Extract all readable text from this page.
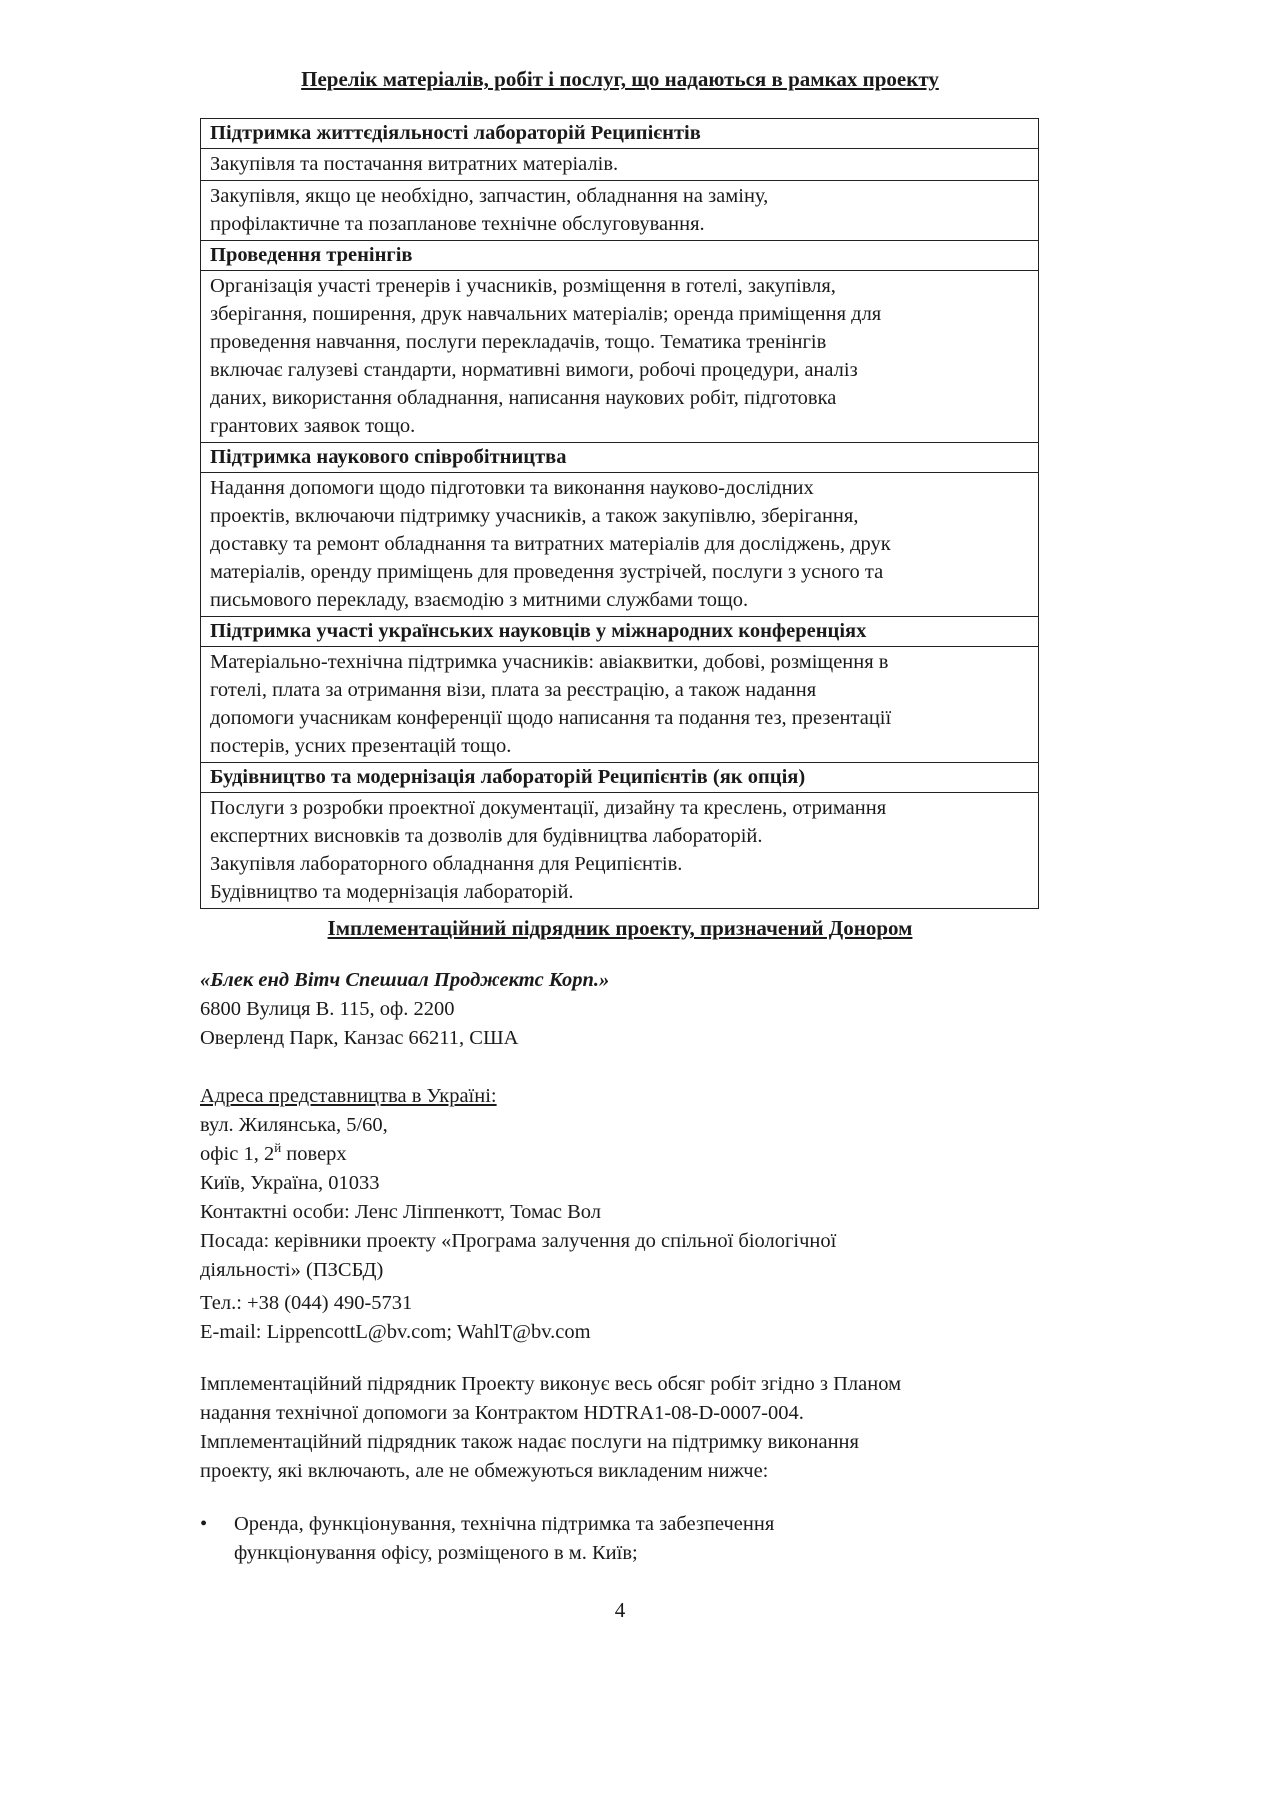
Перелік матеріалів, робіт і послуг, що надаються в рамках проекту
Підтримка життєдіяльності лабораторій Реципієнтів
Закупівля та постачання витратних матеріалів.
Закупівля, якщо це необхідно, запчастин, обладнання на заміну,
профілактичне та позапланове технічне обслуговування.
Проведення тренінгів
Організація участі тренерів і учасників, розміщення в готелі, закупівля,
зберігання, поширення, друк навчальних матеріалів; оренда приміщення для
проведення навчання, послуги перекладачів, тощо. Тематика тренінгів
включає галузеві стандарти, нормативні вимоги, робочі процедури, аналіз
даних, використання обладнання, написання наукових робіт, підготовка
грантових заявок тощо.
Підтримка наукового співробітництва
Надання допомоги щодо підготовки та виконання науково-дослідних
проектів, включаючи підтримку учасників, а також закупівлю, зберігання,
доставку та ремонт обладнання та витратних матеріалів для досліджень, друк
матеріалів, оренду приміщень для проведення зустрічей, послуги з усного та
письмового перекладу, взаємодію з митними службами тощо.
Підтримка участі українських науковців у міжнародних конференціях
Матеріально-технічна підтримка учасників: авіаквитки, добові, розміщення в
готелі, плата за отримання візи, плата за реєстрацію, а також надання
допомоги учасникам конференції щодо написання та подання тез, презентації
постерів, усних презентацій тощо.
Будівництво та модернізація лабораторій Реципієнтів (як опція)
Послуги з розробки проектної документації, дизайну та креслень, отримання
експертних висновків та дозволів для будівництва лабораторій.
Закупівля лабораторного обладнання для Реципієнтів.
Будівництво та модернізація лабораторій.
Імплементаційний підрядник проекту, призначений Донором
«Блек енд Вітч Спешиал Проджектс Корп.»
6800 Вулиця В. 115, оф. 2200
Оверленд Парк, Канзас 66211, США
Адреса представництва в Україні:
вул. Жилянська, 5/60,
офіс 1, $2^й$ поверх
Київ, Україна, 01033
Контактні особи: Ленс Ліппенкотт, Томас Вол
Посада: керівники проекту «Програма залучення до спільної біологічної
діяльності» (ПЗСБД)
Тел.: +38 (044) 490-5731
E-mail: LippencottL@bv.com; WahlT@bv.com
Імплементаційний підрядник Проекту виконує весь обсяг робіт згідно з Планом
надання технічної допомоги за Контрактом HDTRA1-08-D-0007-004.
Імплементаційний підрядник також надає послуги на підтримку виконання
проекту, які включають, але не обмежуються викладеним нижче:
• Оренда, функціонування, технічна підтримка та забезпечення
функціонування офісу, розміщеного в м. Київ;
4
